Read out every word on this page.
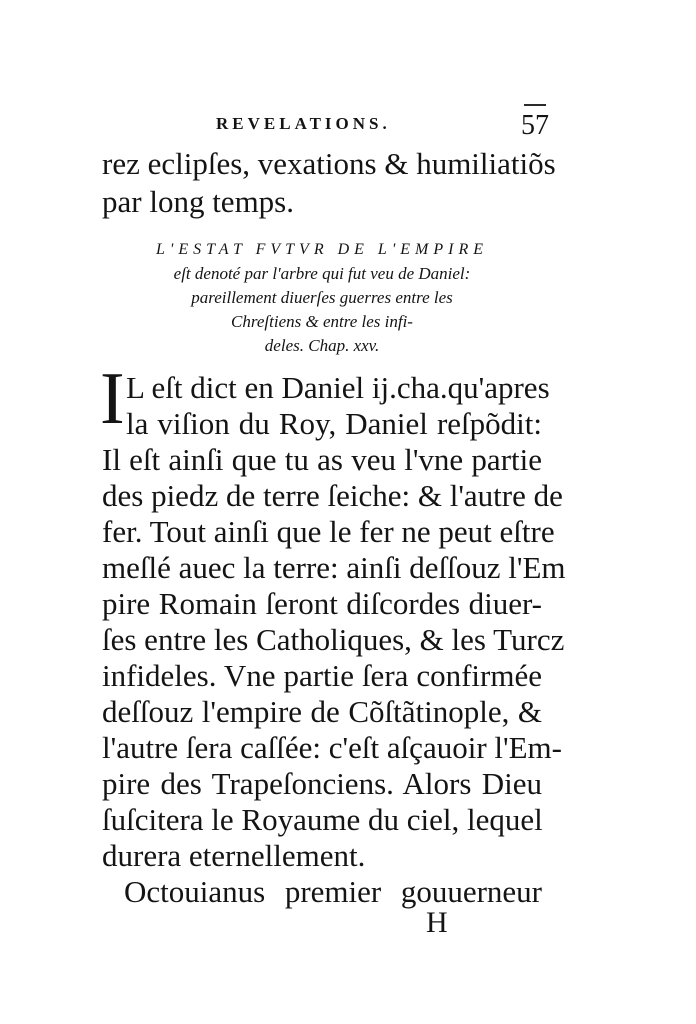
REVELATIONS.	57
rez eclipſes, vexations & humiliatiõs
par long temps.
L'ESTAT FVTVR DE L'EMPIRE
eſt denoté par l'arbre qui fut veu de Daniel:
pareillement diuerſes guerres entre les
Chreſtiens & entre les infi-
deles. Chap. xxv.
I L eſt dict en Daniel ij.cha.qu'apres
la viſion du Roy, Daniel reſpõdit:
Il eſt ainſi que tu as veu l'vne partie
des piedz de terre ſeiche: & l'autre de
fer. Tout ainſi que le fer ne peut eſtre
meſlé auec la terre: ainſi deſſouz l'Em
pire Romain ſeront diſcordes diuer-
ſes entre les Catholiques, & les Turcz
infideles. Vne partie ſera confirmée
deſſouz l'empire de Cõſtãtinople, &
l'autre ſera caſſée: c'eſt aſçauoir l'Em-
pire des Trapeſonciens. Alors Dieu
ſuſcitera le Royaume du ciel, lequel
durera eternellement.
Octouianus premier gouuerneur
H
